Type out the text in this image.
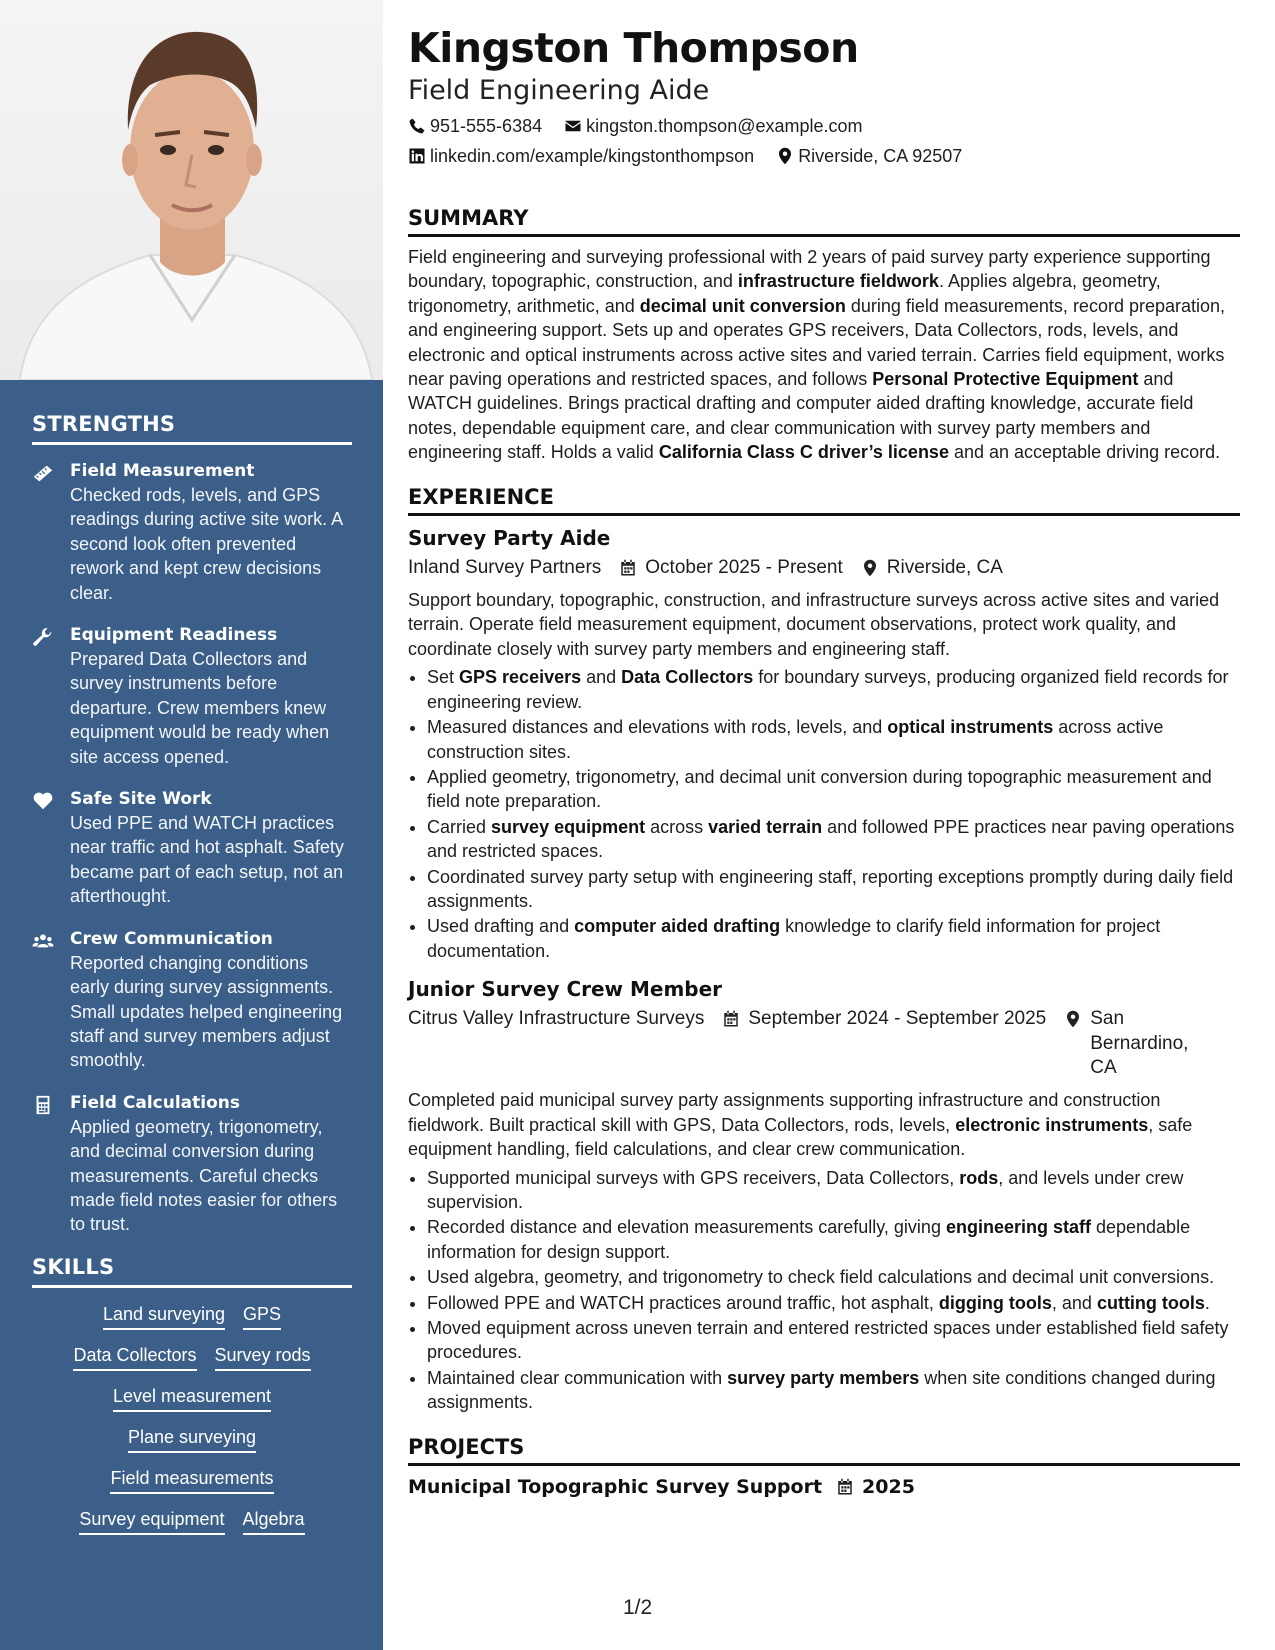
STRENGTHS
Field Measurement
Checked rods, levels, and GPS readings during active site work. A second look often prevented rework and kept crew decisions clear.
Equipment Readiness
Prepared Data Collectors and survey instruments before departure. Crew members knew equipment would be ready when site access opened.
Safe Site Work
Used PPE and WATCH practices near traffic and hot asphalt. Safety became part of each setup, not an afterthought.
Crew Communication
Reported changing conditions early during survey assignments. Small updates helped engineering staff and survey members adjust smoothly.
Field Calculations
Applied geometry, trigonometry, and decimal conversion during measurements. Careful checks made field notes easier for others to trust.
SKILLS
Land surveying GPS
Data Collectors Survey rods
Level measurement
Plane surveying
Field measurements
Survey equipment Algebra
Kingston Thompson
Field Engineering Aide
951-555-6384 kingston.thompson@example.com
linkedin.com/example/kingstonthompson Riverside, CA 92507
SUMMARY
Field engineering and surveying professional with 2 years of paid survey party experience supporting boundary, topographic, construction, and infrastructure fieldwork. Applies algebra, geometry, trigonometry, arithmetic, and decimal unit conversion during field measurements, record preparation, and engineering support. Sets up and operates GPS receivers, Data Collectors, rods, levels, and electronic and optical instruments across active sites and varied terrain. Carries field equipment, works near paving operations and restricted spaces, and follows Personal Protective Equipment and WATCH guidelines. Brings practical drafting and computer aided drafting knowledge, accurate field notes, dependable equipment care, and clear communication with survey party members and engineering staff. Holds a valid California Class C driver’s license and an acceptable driving record.
EXPERIENCE
Survey Party Aide
Inland Survey Partners October 2025 - Present Riverside, CA
Support boundary, topographic, construction, and infrastructure surveys across active sites and varied terrain. Operate field measurement equipment, document observations, protect work quality, and coordinate closely with survey party members and engineering staff.
• Set GPS receivers and Data Collectors for boundary surveys, producing organized field records for engineering review.
• Measured distances and elevations with rods, levels, and optical instruments across active construction sites.
• Applied geometry, trigonometry, and decimal unit conversion during topographic measurement and field note preparation.
• Carried survey equipment across varied terrain and followed PPE practices near paving operations and restricted spaces.
• Coordinated survey party setup with engineering staff, reporting exceptions promptly during daily field assignments.
• Used drafting and computer aided drafting knowledge to clarify field information for project documentation.
Junior Survey Crew Member
Citrus Valley Infrastructure Surveys September 2024 - September 2025 San Bernardino, CA
Completed paid municipal survey party assignments supporting infrastructure and construction fieldwork. Built practical skill with GPS, Data Collectors, rods, levels, electronic instruments, safe equipment handling, field calculations, and clear crew communication.
• Supported municipal surveys with GPS receivers, Data Collectors, rods, and levels under crew supervision.
• Recorded distance and elevation measurements carefully, giving engineering staff dependable information for design support.
• Used algebra, geometry, and trigonometry to check field calculations and decimal unit conversions.
• Followed PPE and WATCH practices around traffic, hot asphalt, digging tools, and cutting tools.
• Moved equipment across uneven terrain and entered restricted spaces under established field safety procedures.
• Maintained clear communication with survey party members when site conditions changed during assignments.
PROJECTS
Municipal Topographic Survey Support 2025
1/2
